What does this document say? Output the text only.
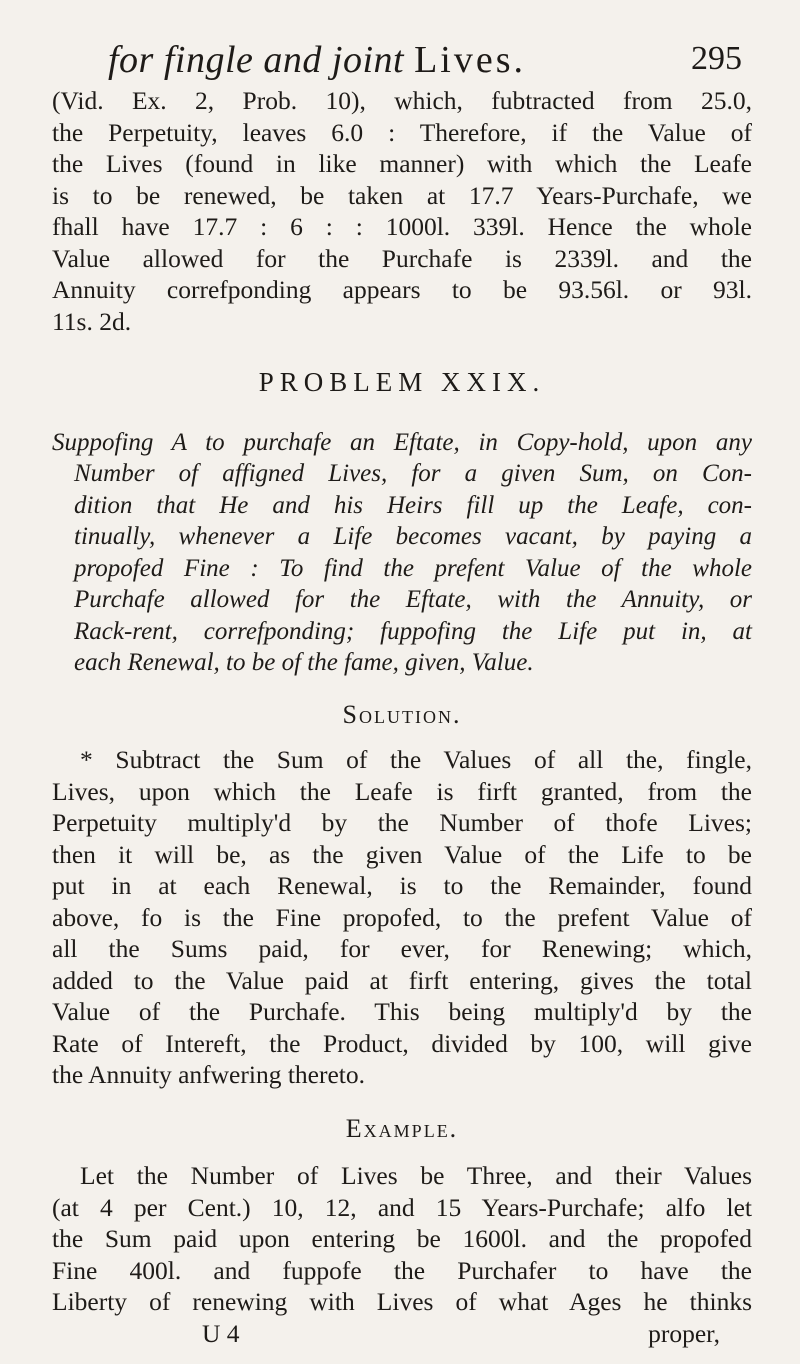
for fingle and joint Lives.	295
(Vid. Ex. 2, Prob. 10), which, fubtracted from 25.0,
the Perpetuity, leaves 6.0 : Therefore, if the Value of
the Lives (found in like manner) with which the Leafe
is to be renewed, be taken at 17.7 Years-Purchafe, we
fhall have 17.7 : 6 : : 1000l. 339l. Hence the whole
Value allowed for the Purchafe is 2339l. and the
Annuity correfponding appears to be 93.56l. or 93l.
11s. 2d.
PROBLEM XXIX.
Suppofing A to purchafe an Eftate, in Copy-hold, upon any
Number of affigned Lives, for a given Sum, on Con-
dition that He and his Heirs fill up the Leafe, con-
tinually, whenever a Life becomes vacant, by paying a
propofed Fine : To find the prefent Value of the whole
Purchafe allowed for the Eftate, with the Annuity, or
Rack-rent, correfponding; fuppofing the Life put in, at
each Renewal, to be of the fame, given, Value.
Solution.
* Subtract the Sum of the Values of all the, fingle,
Lives, upon which the Leafe is firft granted, from the
Perpetuity multiply'd by the Number of thofe Lives;
then it will be, as the given Value of the Life to be
put in at each Renewal, is to the Remainder, found
above, fo is the Fine propofed, to the prefent Value of
all the Sums paid, for ever, for Renewing; which,
added to the Value paid at firft entering, gives the total
Value of the Purchafe. This being multiply'd by the
Rate of Intereft, the Product, divided by 100, will give
the Annuity anfwering thereto.
Example.
Let the Number of Lives be Three, and their Values
(at 4 per Cent.) 10, 12, and 15 Years-Purchafe; alfo let
the Sum paid upon entering be 1600l. and the propofed
Fine 400l. and fuppofe the Purchafer to have the
Liberty of renewing with Lives of what Ages he thinks
U 4	proper,
